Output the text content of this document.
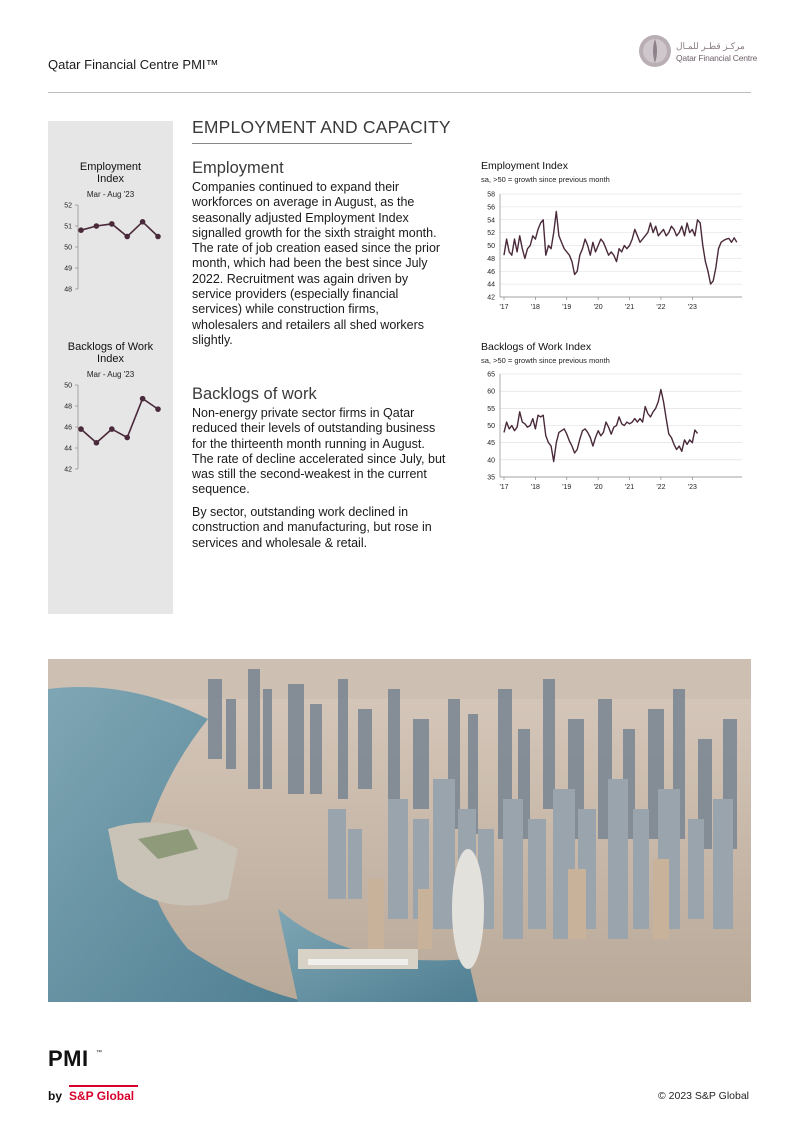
Qatar Financial Centre PMI™
مركـز قطـر للمـال
Qatar Financial Centre
Employment
Index
Mar - Aug '23
52
51
50
49
48
Backlogs of Work
Index
Mar - Aug '23
50
48
46
44
42
EMPLOYMENT AND CAPACITY
Employment
Companies continued to expand their workforces on average in August, as the seasonally adjusted Employment Index signalled growth for the sixth straight month. The rate of job creation eased since the prior month, which had been the best since July 2022. Recruitment was again driven by service providers (especially financial services) while construction firms, wholesalers and retailers all shed workers slightly.
Backlogs of work
Non-energy private sector firms in Qatar reduced their levels of outstanding business for the thirteenth month running in August. The rate of decline accelerated since July, but was still the second-weakest in the current sequence.
By sector, outstanding work declined in construction and manufacturing, but rose in services and wholesale & retail.
Employment Index
sa, >50 = growth since previous month
58
56
54
52
50
48
46
44
42
'17	'18	'19	'20	'21	'22	'23
Backlogs of Work Index
sa, >50 = growth since previous month
65
60
55
50
45
40
35
'17	'18	'19	'20	'21	'22	'23
PMI ™
by S&P Global	© 2023 S&P Global
